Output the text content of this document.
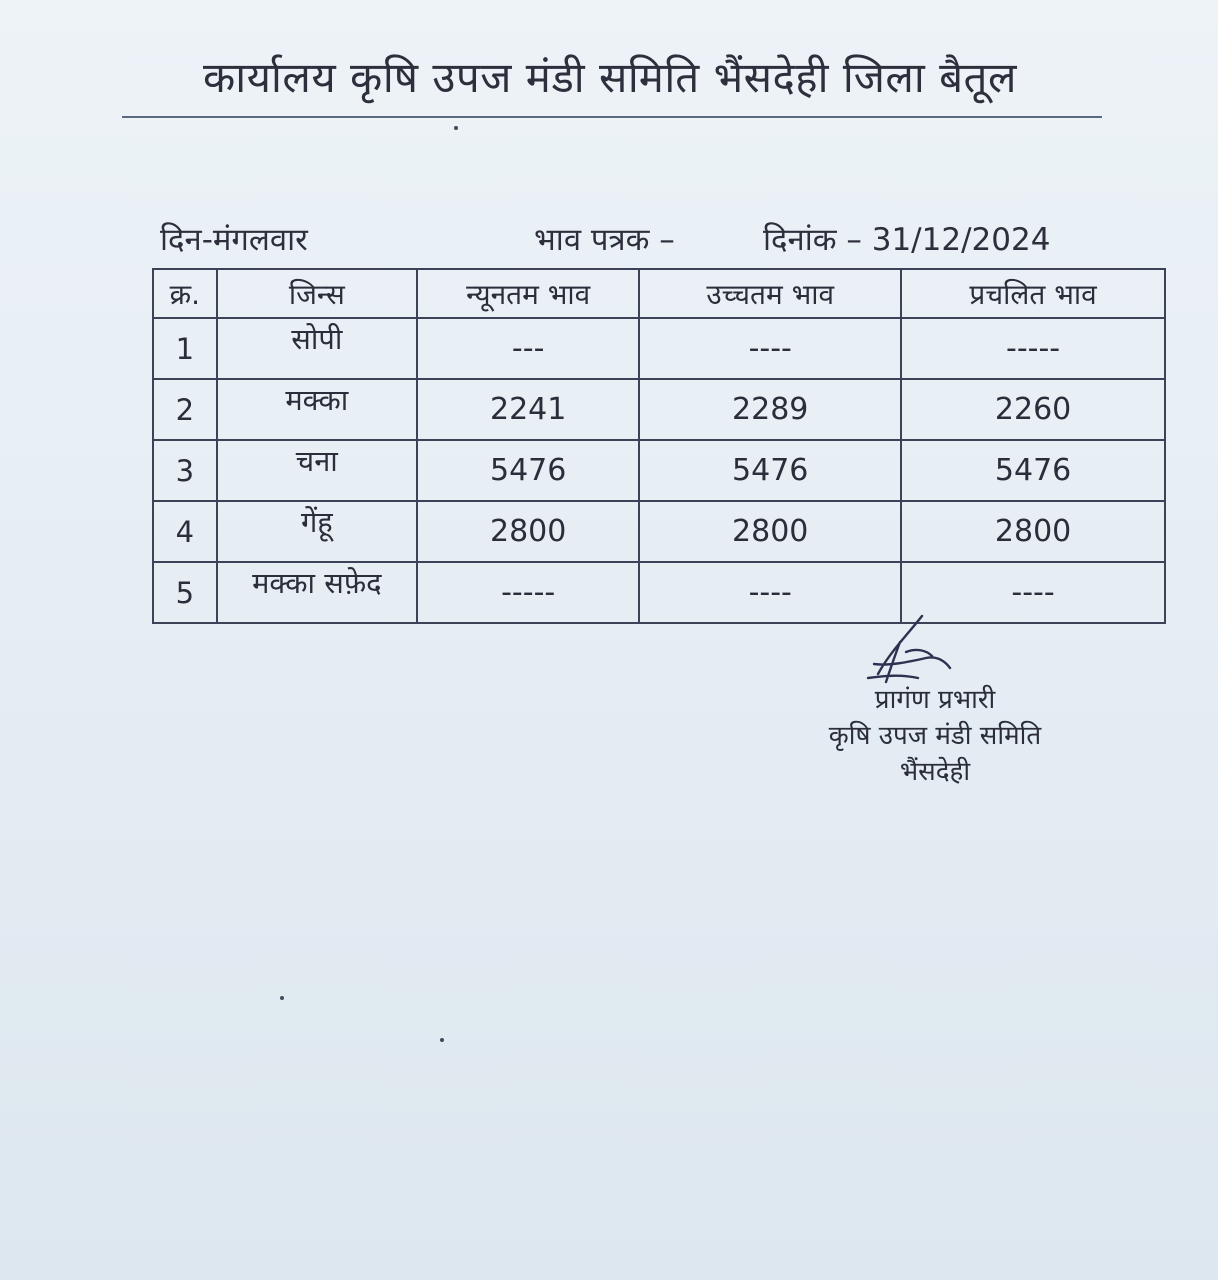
कार्यालय कृषि उपज मंडी समिति भैंसदेही जिला बैतूल
दिन-मंगलवार	भाव पत्रक –	दिनांक – 31/12/2024
क्र.	जिन्स	न्यूनतम भाव	उच्चतम भाव	प्रचलित भाव
1	सोपी	---	----	-----
2	मक्का	2241	2289	2260
3	चना	5476	5476	5476
4	गेंहू	2800	2800	2800
5	मक्का सफ़ेद	-----	----	----
प्रागंण प्रभारी
कृषि उपज मंडी समिति
भैंसदेही
